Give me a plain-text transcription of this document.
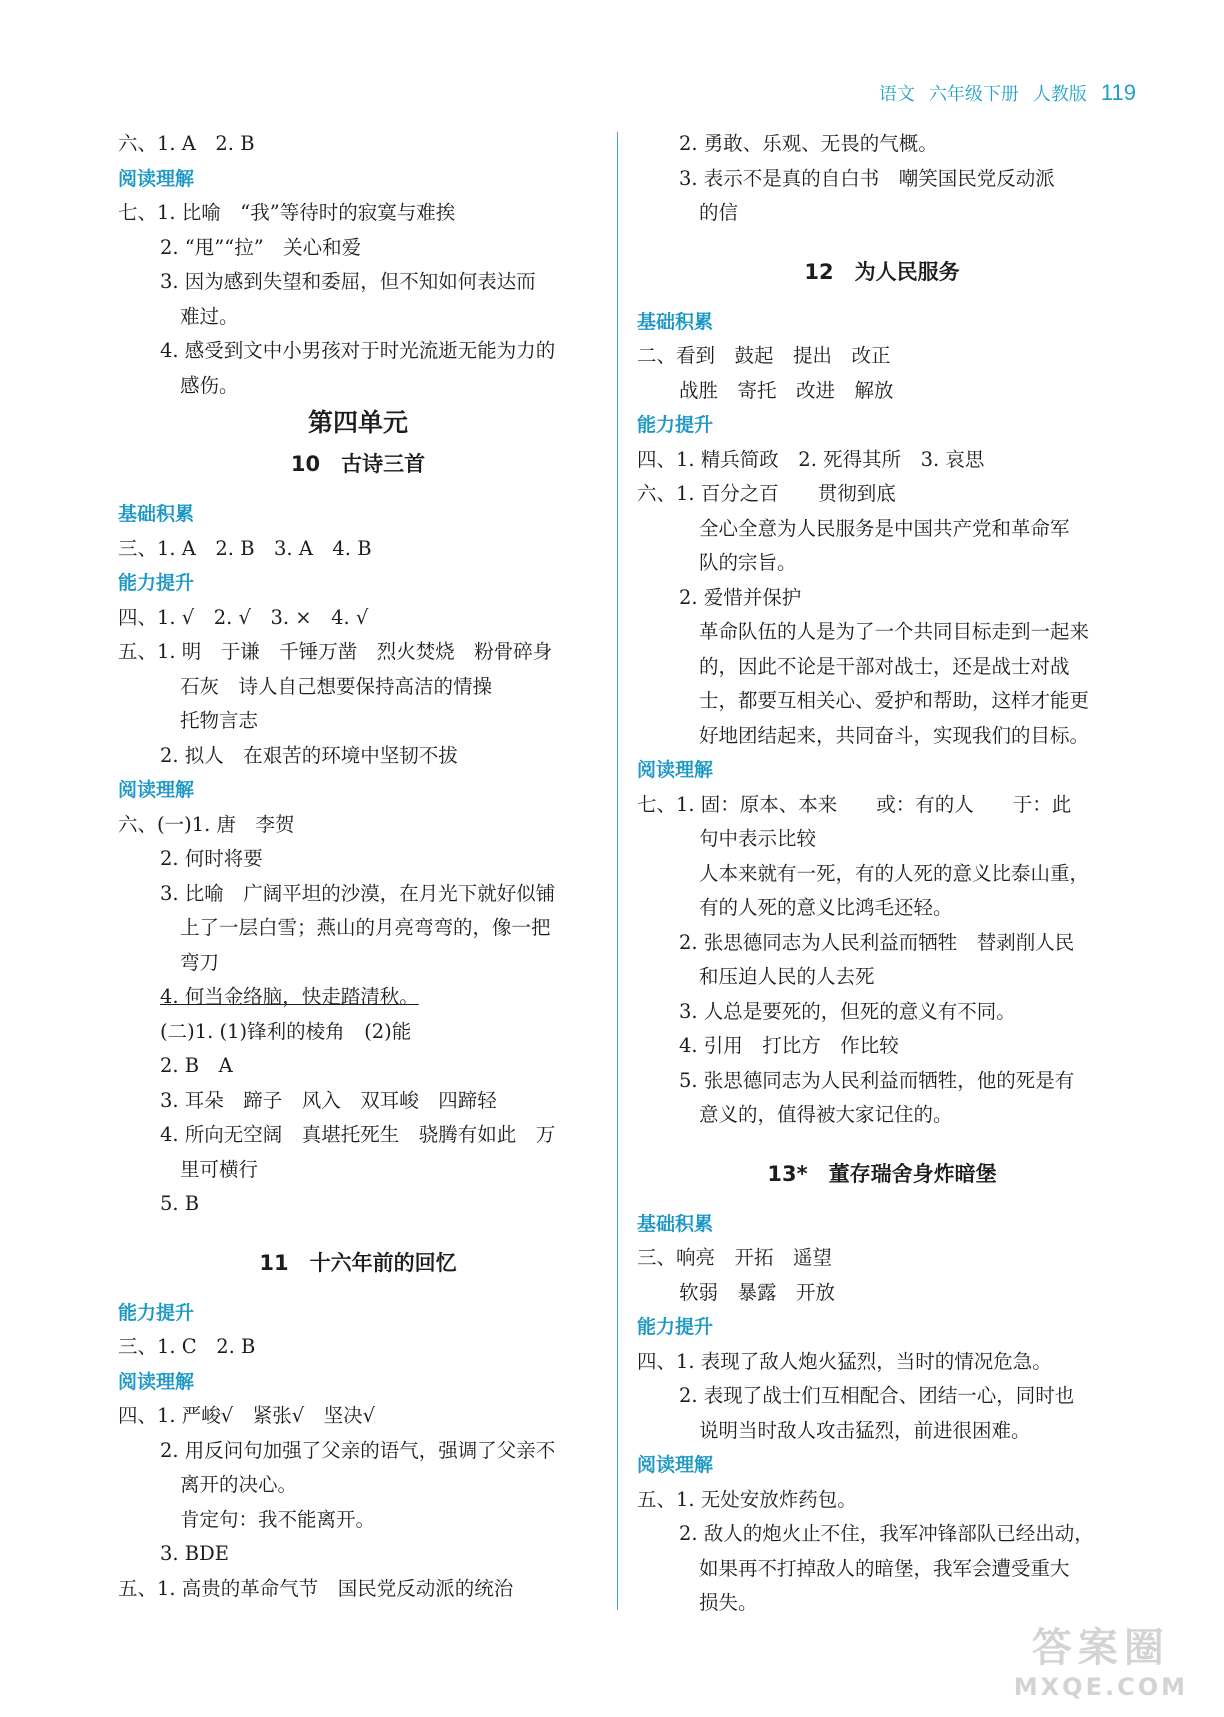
语文 六年级下册 人教版 119
六、1. A　2. B
阅读理解
七、1. 比喻　“我”等待时的寂寞与难挨
2. “甩”“拉”　关心和爱
3. 因为感到失望和委屈，但不知如何表达而
难过。
4. 感受到文中小男孩对于时光流逝无能为力的
感伤。
第四单元
10　古诗三首
基础积累
三、1. A　2. B　3. A　4. B
能力提升
四、1. √　2. √　3. ×　4. √
五、1. 明　于谦　千锤万凿　烈火焚烧　粉骨碎身
石灰　诗人自己想要保持高洁的情操
托物言志
2. 拟人　在艰苦的环境中坚韧不拔
阅读理解
六、(一)1. 唐　李贺
2. 何时将要
3. 比喻　广阔平坦的沙漠，在月光下就好似铺
上了一层白雪；燕山的月亮弯弯的，像一把
弯刀
4. 何当金络脑，快走踏清秋。
(二)1. (1)锋利的棱角　(2)能
2. B　A
3. 耳朵　蹄子　风入　双耳峻　四蹄轻
4. 所向无空阔　真堪托死生　骁腾有如此　万
里可横行
5. B
11　十六年前的回忆
能力提升
三、1. C　2. B
阅读理解
四、1. 严峻√　紧张√　坚决√
2. 用反问句加强了父亲的语气，强调了父亲不
离开的决心。
肯定句：我不能离开。
3. BDE
五、1. 高贵的革命气节　国民党反动派的统治
2. 勇敢、乐观、无畏的气概。
3. 表示不是真的自白书　嘲笑国民党反动派
的信
12　为人民服务
基础积累
二、看到　鼓起　提出　改正
战胜　寄托　改进　解放
能力提升
四、1. 精兵简政　2. 死得其所　3. 哀思
六、1. 百分之百　　贯彻到底
全心全意为人民服务是中国共产党和革命军
队的宗旨。
2. 爱惜并保护
革命队伍的人是为了一个共同目标走到一起来
的，因此不论是干部对战士，还是战士对战
士，都要互相关心、爱护和帮助，这样才能更
好地团结起来，共同奋斗，实现我们的目标。
阅读理解
七、1. 固：原本、本来　　或：有的人　　于：此
句中表示比较
人本来就有一死，有的人死的意义比泰山重，
有的人死的意义比鸿毛还轻。
2. 张思德同志为人民利益而牺牲　替剥削人民
和压迫人民的人去死
3. 人总是要死的，但死的意义有不同。
4. 引用　打比方　作比较
5. 张思德同志为人民利益而牺牲，他的死是有
意义的，值得被大家记住的。
13*　董存瑞舍身炸暗堡
基础积累
三、响亮　开拓　遥望
软弱　暴露　开放
能力提升
四、1. 表现了敌人炮火猛烈，当时的情况危急。
2. 表现了战士们互相配合、团结一心，同时也
说明当时敌人攻击猛烈，前进很困难。
阅读理解
五、1. 无处安放炸药包。
2. 敌人的炮火止不住，我军冲锋部队已经出动，
如果再不打掉敌人的暗堡，我军会遭受重大
损失。
答案圈
MXQE.COM
